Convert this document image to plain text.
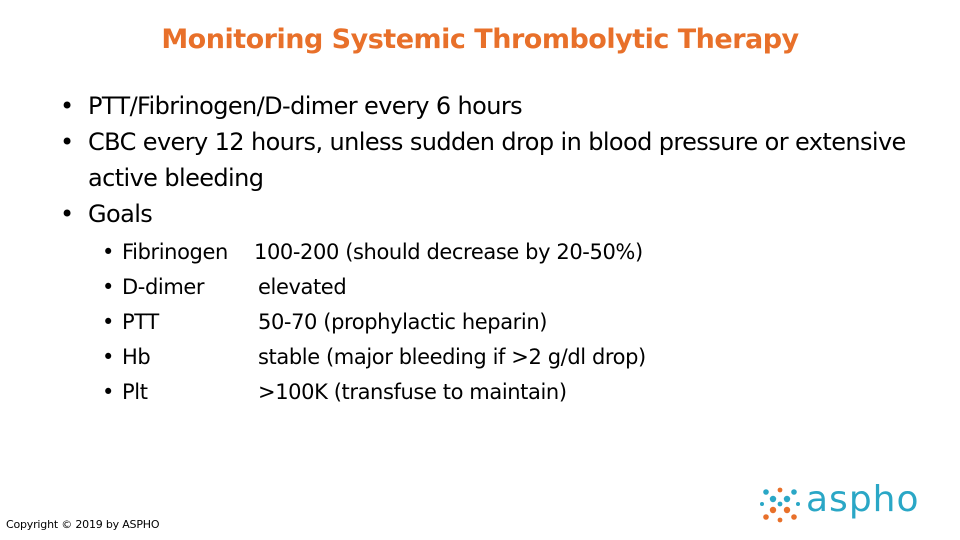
Monitoring Systemic Thrombolytic Therapy
• PTT/Fibrinogen/D-dimer every 6 hours
• CBC every 12 hours, unless sudden drop in blood pressure or extensive active bleeding
• Goals
• Fibrinogen 100-200 (should decrease by 20-50%)
• D-dimer	elevated
• PTT	50-70 (prophylactic heparin)
• Hb	stable (major bleeding if >2 g/dl drop)
• Plt	>100K (transfuse to maintain)
Copyright © 2019 by ASPHO
aspho
